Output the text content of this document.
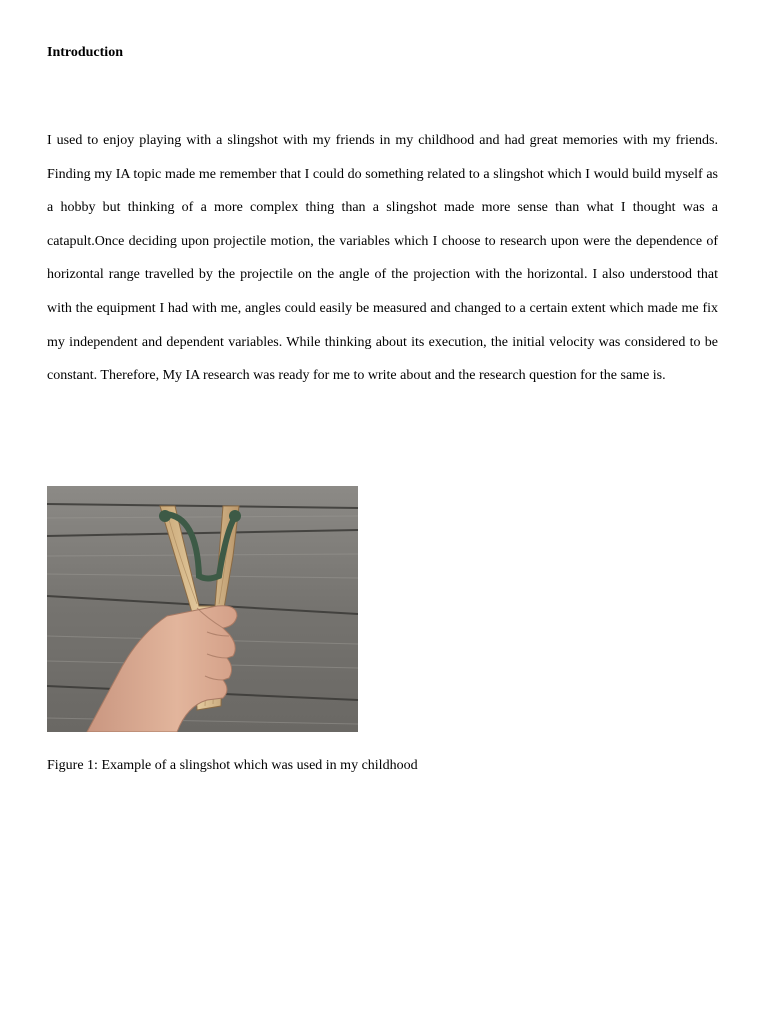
Introduction

I used to enjoy playing with a slingshot with my friends in my childhood and had great memories with my friends. Finding my IA topic made me remember that I could do something related to a slingshot which I would build myself as a hobby but thinking of a more complex thing than a slingshot made more sense than what I thought was a catapult.Once deciding upon projectile motion, the variables which I choose to research upon were the dependence of horizontal range travelled by the projectile on the angle of the projection with the horizontal. I also understood that with the equipment I had with me, angles could easily be measured and changed to a certain extent which made me fix my independent and dependent variables. While thinking about its execution, the initial velocity was considered to be constant. Therefore, My IA research was ready for me to write about and the research question for the same is.

Figure 1: Example of a slingshot which was used in my childhood
